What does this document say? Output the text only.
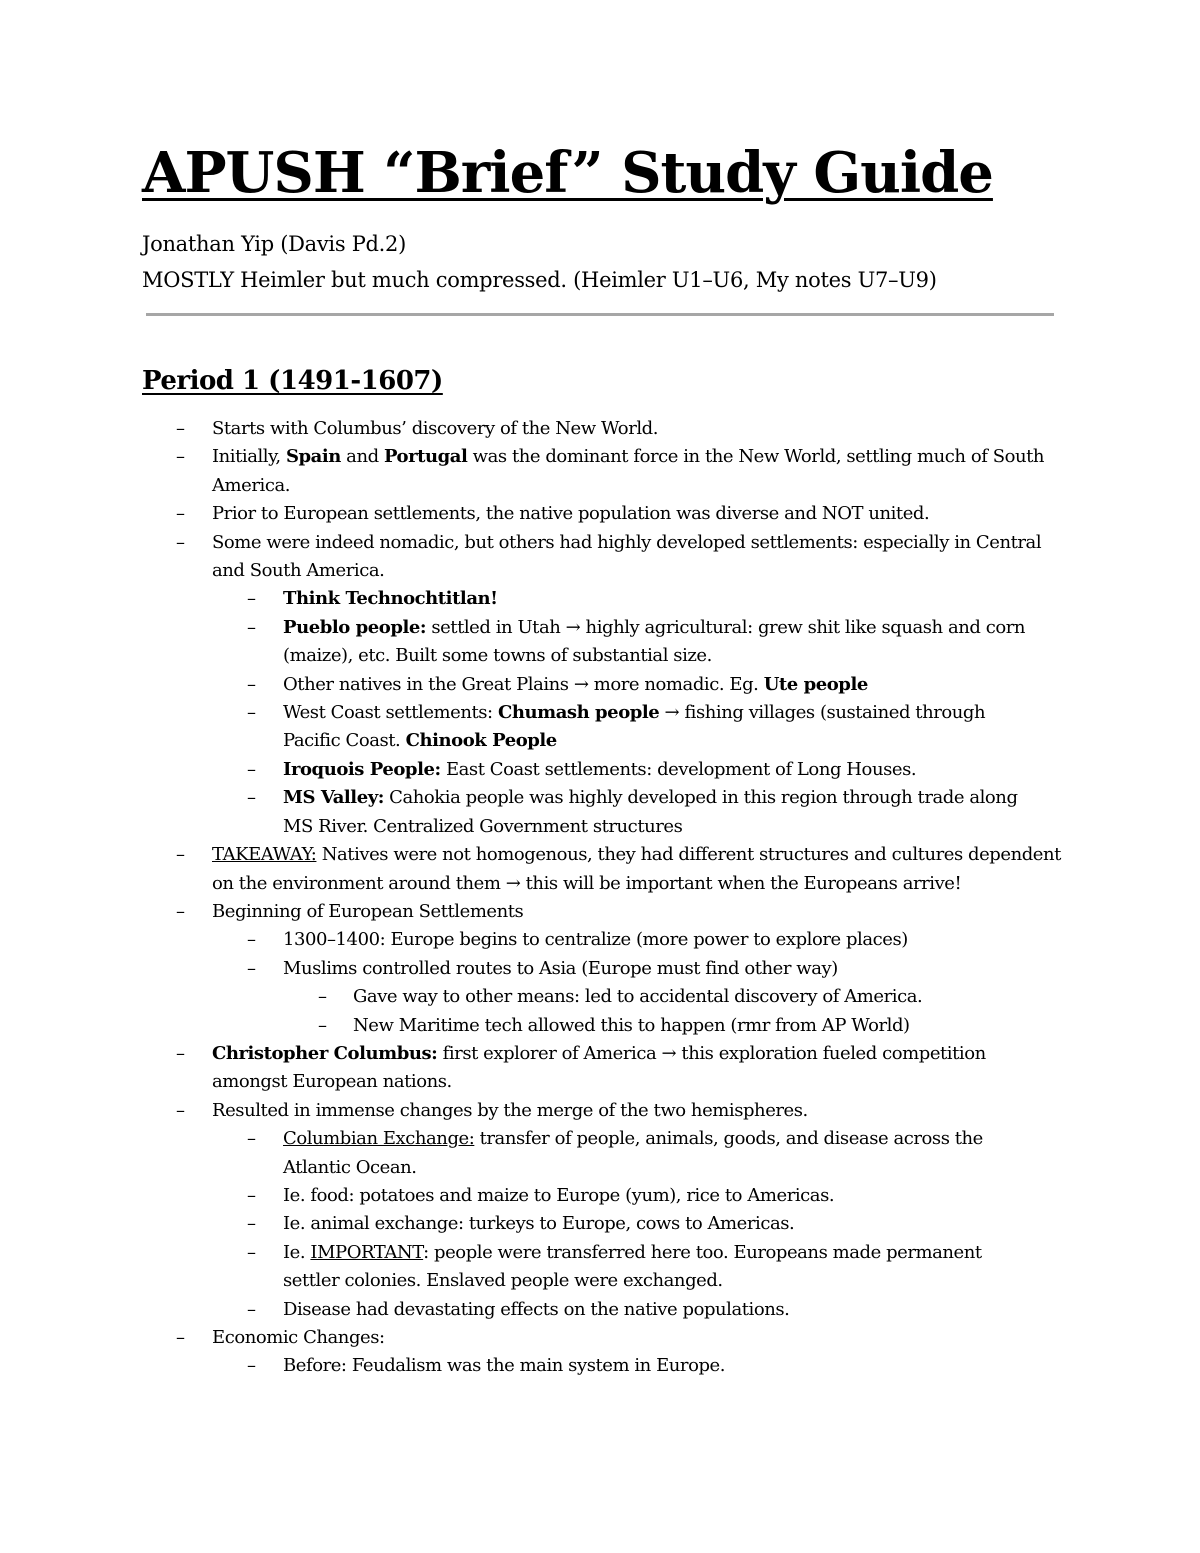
APUSH “Brief” Study Guide
Jonathan Yip (Davis Pd.2)
MOSTLY Heimler but much compressed. (Heimler U1–U6, My notes U7–U9)
Period 1 (1491-1607)
– Starts with Columbus’ discovery of the New World.
– Initially, Spain and Portugal was the dominant force in the New World, settling much of South America.
– Prior to European settlements, the native population was diverse and NOT united.
– Some were indeed nomadic, but others had highly developed settlements: especially in Central and South America.
– Think Technochtitlan!
– Pueblo people: settled in Utah → highly agricultural: grew shit like squash and corn (maize), etc. Built some towns of substantial size.
– Other natives in the Great Plains → more nomadic. Eg. Ute people
– West Coast settlements: Chumash people → fishing villages (sustained through Pacific Coast. Chinook People
– Iroquois People: East Coast settlements: development of Long Houses.
– MS Valley: Cahokia people was highly developed in this region through trade along MS River. Centralized Government structures
– TAKEAWAY: Natives were not homogenous, they had different structures and cultures dependent on the environment around them → this will be important when the Europeans arrive!
– Beginning of European Settlements
– 1300–1400: Europe begins to centralize (more power to explore places)
– Muslims controlled routes to Asia (Europe must find other way)
– Gave way to other means: led to accidental discovery of America.
– New Maritime tech allowed this to happen (rmr from AP World)
– Christopher Columbus: first explorer of America → this exploration fueled competition amongst European nations.
– Resulted in immense changes by the merge of the two hemispheres.
– Columbian Exchange: transfer of people, animals, goods, and disease across the Atlantic Ocean.
– Ie. food: potatoes and maize to Europe (yum), rice to Americas.
– Ie. animal exchange: turkeys to Europe, cows to Americas.
– Ie. IMPORTANT: people were transferred here too. Europeans made permanent settler colonies. Enslaved people were exchanged.
– Disease had devastating effects on the native populations.
– Economic Changes:
– Before: Feudalism was the main system in Europe.
